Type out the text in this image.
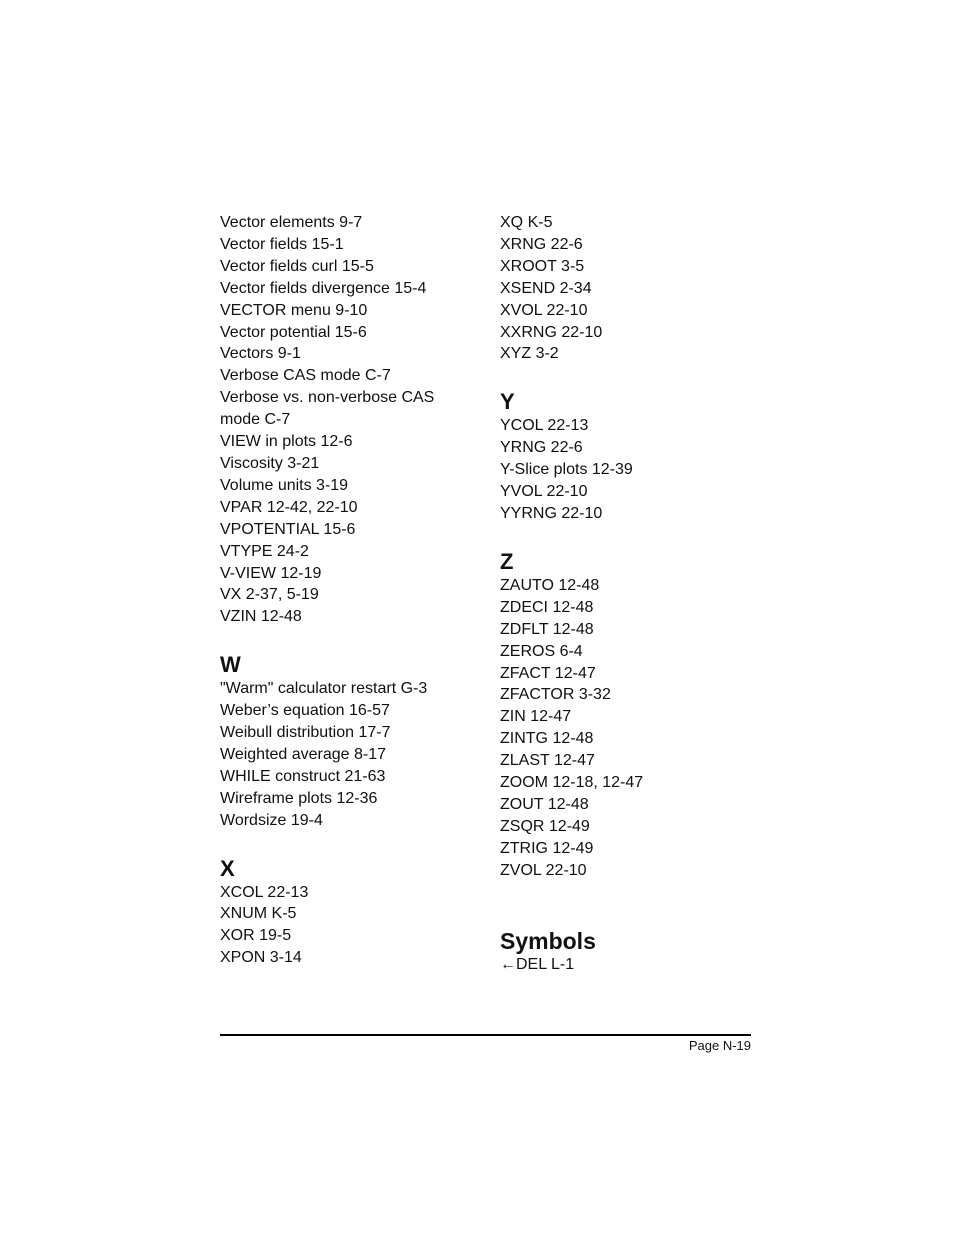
Vector elements 9-7

Vector fields 15-1

Vector fields curl 15-5

Vector fields divergence 15-4

VECTOR menu 9-10

Vector potential 15-6

Vectors 9-1

Verbose CAS mode C-7

Verbose vs. non-verbose CAS mode C-7

VIEW in plots 12-6

Viscosity 3-21

Volume units 3-19

VPAR 12-42, 22-10

VPOTENTIAL 15-6

VTYPE 24-2

V-VIEW 12-19

VX 2-37, 5-19

VZIN 12-48

W

"Warm" calculator restart G-3

Weber’s equation 16-57

Weibull distribution 17-7

Weighted average 8-17

WHILE construct 21-63

Wireframe plots 12-36

Wordsize 19-4

X

XCOL 22-13

XNUM K-5

XOR 19-5

XPON 3-14

XQ K-5

XRNG 22-6

XROOT 3-5

XSEND 2-34

XVOL 22-10

XXRNG 22-10

XYZ 3-2

Y

YCOL 22-13

YRNG 22-6

Y-Slice plots 12-39

YVOL 22-10

YYRNG 22-10

Z

ZAUTO 12-48

ZDECI 12-48

ZDFLT 12-48

ZEROS 6-4

ZFACT 12-47

ZFACTOR 3-32

ZIN 12-47

ZINTG 12-48

ZLAST 12-47

ZOOM 12-18, 12-47

ZOUT 12-48

ZSQR 12-49

ZTRIG 12-49

ZVOL 22-10

Symbols

←DEL L-1

Page N-19
